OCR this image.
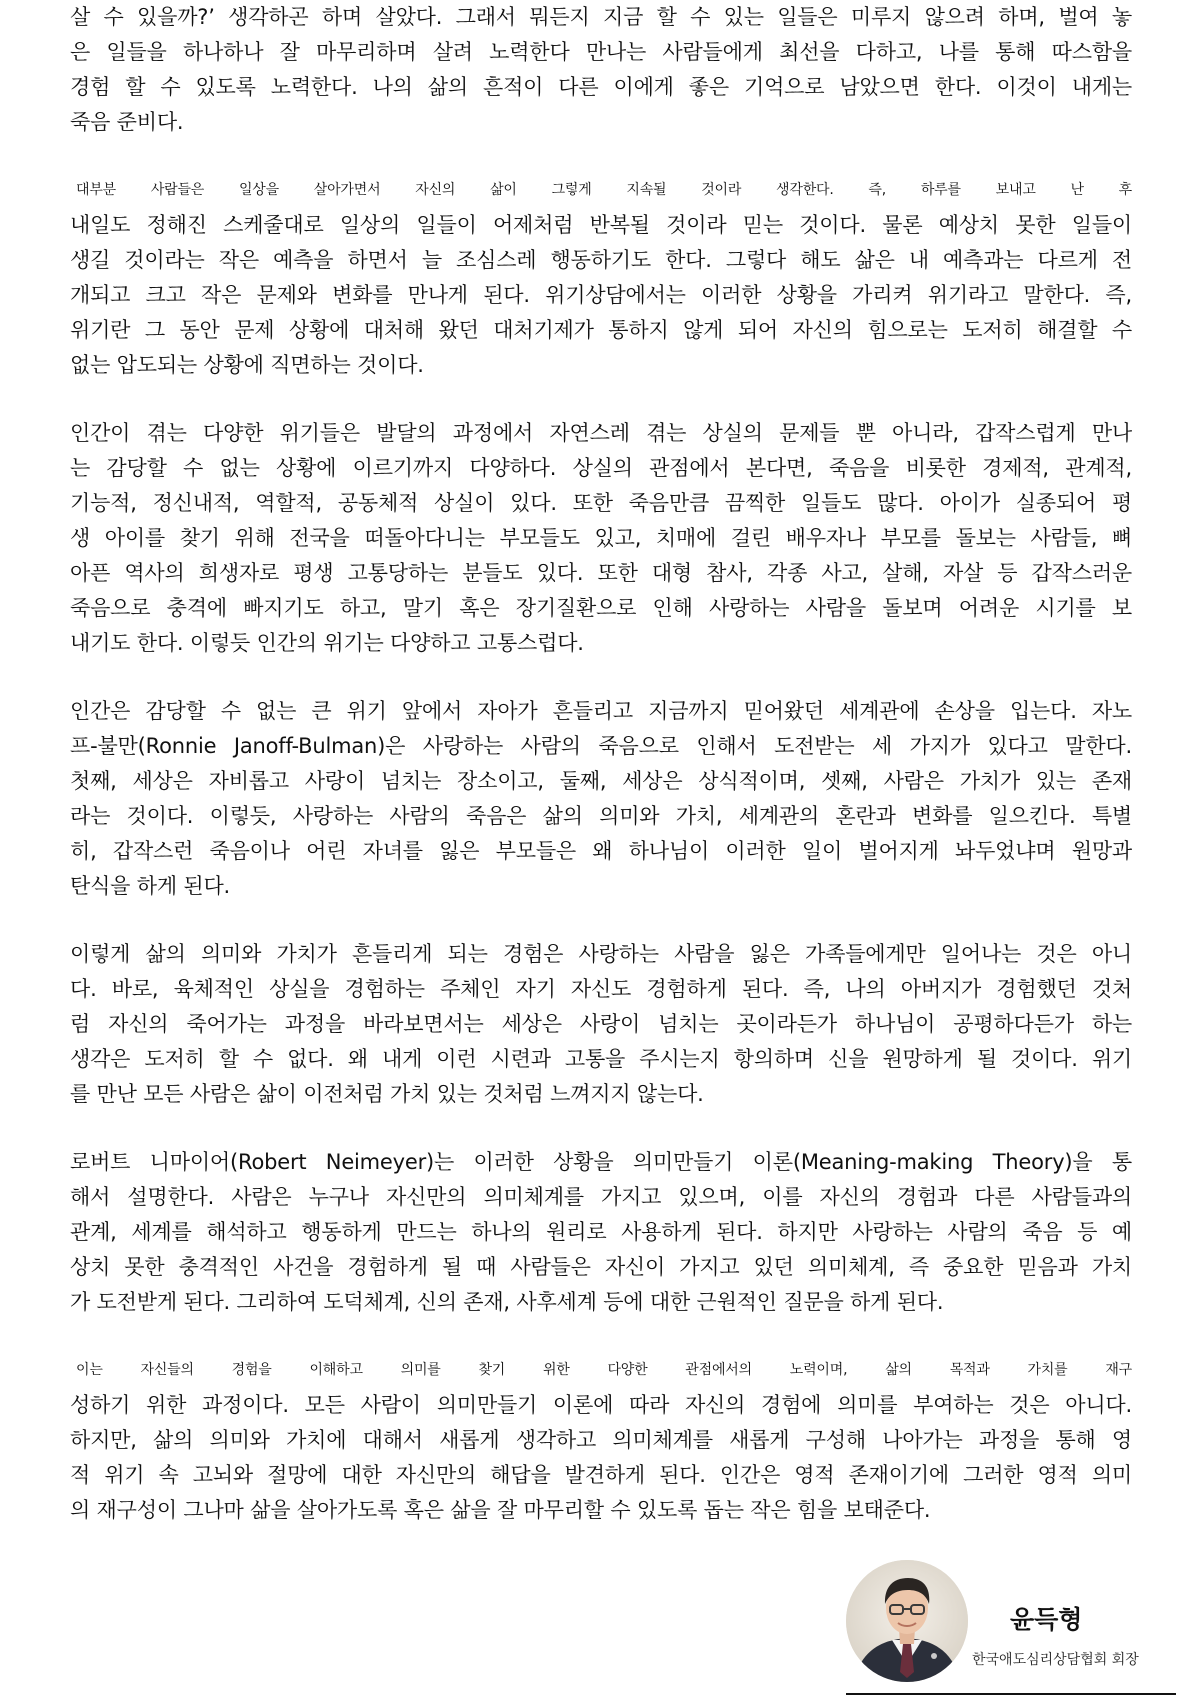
살 수 있을까?’ 생각하곤 하며 살았다. 그래서 뭐든지 지금 할 수 있는 일들은 미루지 않으려 하며, 벌여 놓
은 일들을 하나하나 잘 마무리하며 살려 노력한다 만나는 사람들에게 최선을 다하고, 나를 통해 따스함을
경험 할 수 있도록 노력한다. 나의 삶의 흔적이 다른 이에게 좋은 기억으로 남았으면 한다. 이것이 내게는
죽음 준비다.
대부분 사람들은 일상을 살아가면서 자신의 삶이 그렇게 지속될 것이라 생각한다. 즉, 하루를 보내고 난 후
내일도 정해진 스케줄대로 일상의 일들이 어제처럼 반복될 것이라 믿는 것이다. 물론 예상치 못한 일들이
생길 것이라는 작은 예측을 하면서 늘 조심스레 행동하기도 한다. 그렇다 해도 삶은 내 예측과는 다르게 전
개되고 크고 작은 문제와 변화를 만나게 된다. 위기상담에서는 이러한 상황을 가리켜 위기라고 말한다. 즉,
위기란 그 동안 문제 상황에 대처해 왔던 대처기제가 통하지 않게 되어 자신의 힘으로는 도저히 해결할 수
없는 압도되는 상황에 직면하는 것이다.
인간이 겪는 다양한 위기들은 발달의 과정에서 자연스레 겪는 상실의 문제들 뿐 아니라, 갑작스럽게 만나
는 감당할 수 없는 상황에 이르기까지 다양하다. 상실의 관점에서 본다면, 죽음을 비롯한 경제적, 관계적,
기능적, 정신내적, 역할적, 공동체적 상실이 있다. 또한 죽음만큼 끔찍한 일들도 많다. 아이가 실종되어 평
생 아이를 찾기 위해 전국을 떠돌아다니는 부모들도 있고, 치매에 걸린 배우자나 부모를 돌보는 사람들, 뼈
아픈 역사의 희생자로 평생 고통당하는 분들도 있다. 또한 대형 참사, 각종 사고, 살해, 자살 등 갑작스러운
죽음으로 충격에 빠지기도 하고, 말기 혹은 장기질환으로 인해 사랑하는 사람을 돌보며 어려운 시기를 보
내기도 한다. 이렇듯 인간의 위기는 다양하고 고통스럽다.
인간은 감당할 수 없는 큰 위기 앞에서 자아가 흔들리고 지금까지 믿어왔던 세계관에 손상을 입는다. 자노
프-불만(Ronnie Janoff-Bulman)은 사랑하는 사람의 죽음으로 인해서 도전받는 세 가지가 있다고 말한다.
첫째, 세상은 자비롭고 사랑이 넘치는 장소이고, 둘째, 세상은 상식적이며, 셋째, 사람은 가치가 있는 존재
라는 것이다. 이렇듯, 사랑하는 사람의 죽음은 삶의 의미와 가치, 세계관의 혼란과 변화를 일으킨다. 특별
히, 갑작스런 죽음이나 어린 자녀를 잃은 부모들은 왜 하나님이 이러한 일이 벌어지게 놔두었냐며 원망과
탄식을 하게 된다.
이렇게 삶의 의미와 가치가 흔들리게 되는 경험은 사랑하는 사람을 잃은 가족들에게만 일어나는 것은 아니
다. 바로, 육체적인 상실을 경험하는 주체인 자기 자신도 경험하게 된다. 즉, 나의 아버지가 경험했던 것처
럼 자신의 죽어가는 과정을 바라보면서는 세상은 사랑이 넘치는 곳이라든가 하나님이 공평하다든가 하는
생각은 도저히 할 수 없다. 왜 내게 이런 시련과 고통을 주시는지 항의하며 신을 원망하게 될 것이다. 위기
를 만난 모든 사람은 삶이 이전처럼 가치 있는 것처럼 느껴지지 않는다.
로버트 니마이어(Robert Neimeyer)는 이러한 상황을 의미만들기 이론(Meaning-making Theory)을 통
해서 설명한다. 사람은 누구나 자신만의 의미체계를 가지고 있으며, 이를 자신의 경험과 다른 사람들과의
관계, 세계를 해석하고 행동하게 만드는 하나의 원리로 사용하게 된다. 하지만 사랑하는 사람의 죽음 등 예
상치 못한 충격적인 사건을 경험하게 될 때 사람들은 자신이 가지고 있던 의미체계, 즉 중요한 믿음과 가치
가 도전받게 된다. 그리하여 도덕체계, 신의 존재, 사후세계 등에 대한 근원적인 질문을 하게 된다.
이는 자신들의 경험을 이해하고 의미를 찾기 위한 다양한 관점에서의 노력이며, 삶의 목적과 가치를 재구
성하기 위한 과정이다. 모든 사람이 의미만들기 이론에 따라 자신의 경험에 의미를 부여하는 것은 아니다.
하지만, 삶의 의미와 가치에 대해서 새롭게 생각하고 의미체계를 새롭게 구성해 나아가는 과정을 통해 영
적 위기 속 고뇌와 절망에 대한 자신만의 해답을 발견하게 된다. 인간은 영적 존재이기에 그러한 영적 의미
의 재구성이 그나마 삶을 살아가도록 혹은 삶을 잘 마무리할 수 있도록 돕는 작은 힘을 보태준다.
윤득형
한국애도심리상담협회 회장
